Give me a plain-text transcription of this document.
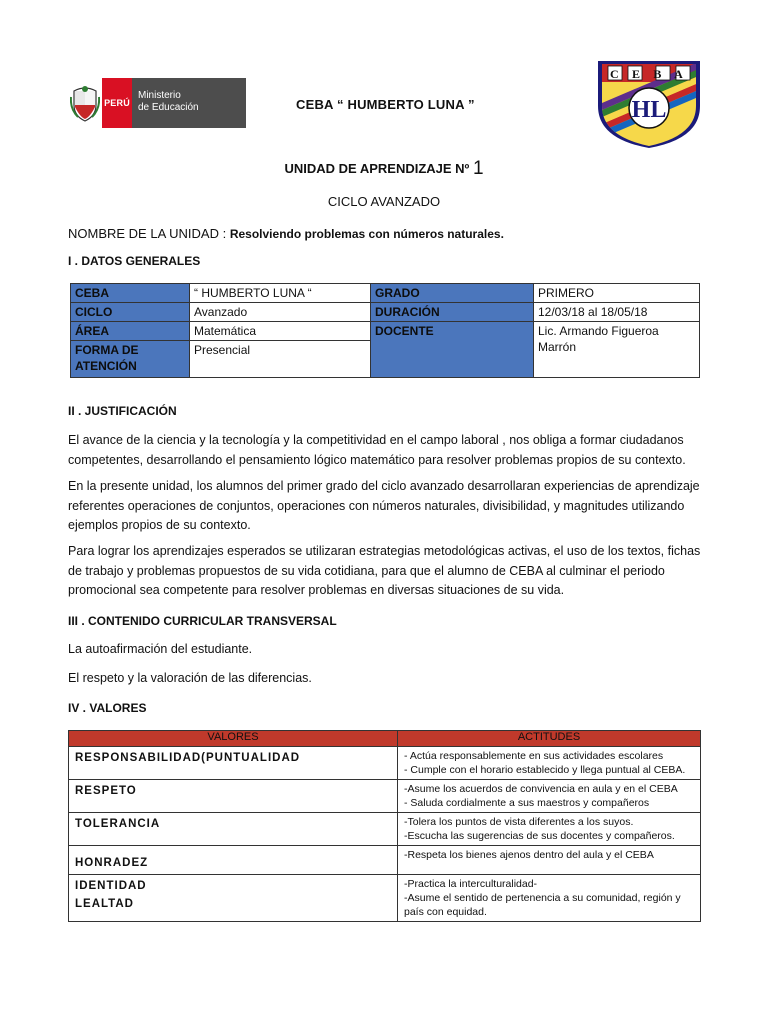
PERÚ
Ministerio
de Educación	CEBA “ HUMBERTO LUNA ”
C E B A
HL
UNIDAD DE APRENDIZAJE Nº 1
CICLO AVANZADO
NOMBRE DE LA UNIDAD : Resolviendo problemas con números naturales.
I . DATOS GENERALES
CEBA	“ HUMBERTO LUNA “	GRADO	PRIMERO
CICLO	Avanzado	DURACIÓN	12/03/18 al 18/05/18
ÁREA	Matemática	DOCENTE	Lic. Armando Figueroa Marrón
FORMA DE ATENCIÓN	Presencial		
II . JUSTIFICACIÓN
El avance de la ciencia y la tecnología y la competitividad en el campo laboral , nos obliga a formar ciudadanos competentes, desarrollando el pensamiento lógico matemático para resolver problemas propios de su contexto.
En la presente unidad, los alumnos del primer grado del ciclo avanzado desarrollaran experiencias de aprendizaje referentes operaciones de conjuntos, operaciones con números naturales, divisibilidad, y magnitudes utilizando ejemplos propios de su contexto.
Para lograr los aprendizajes esperados se utilizaran estrategias metodológicas activas, el uso de los textos, fichas de trabajo y problemas propuestos de su vida cotidiana, para que el alumno de CEBA al culminar el periodo promocional sea competente para resolver problemas en diversas situaciones de su vida.
III . CONTENIDO CURRICULAR TRANSVERSAL
La autoafirmación del estudiante.
El respeto y la valoración de las diferencias.
IV . VALORES
VALORES	ACTITUDES
RESPONSABILIDAD(PUNTUALIDAD	- Actúa responsablemente en sus actividades escolares
- Cumple con el horario establecido y llega puntual al CEBA.

RESPETO	-Asume los acuerdos de convivencia en aula y en el CEBA
- Saluda cordialmente a sus maestros y compañeros

TOLERANCIA	-Tolera los puntos de vista diferentes a los suyos.
-Escucha las sugerencias de sus docentes y compañeros.

HONRADEZ	-Respeta los bienes ajenos dentro del aula y el CEBA

IDENTIDAD
LEALTAD	-Practica la interculturalidad-
-Asume el sentido de pertenencia a su comunidad, región y país con equidad.
